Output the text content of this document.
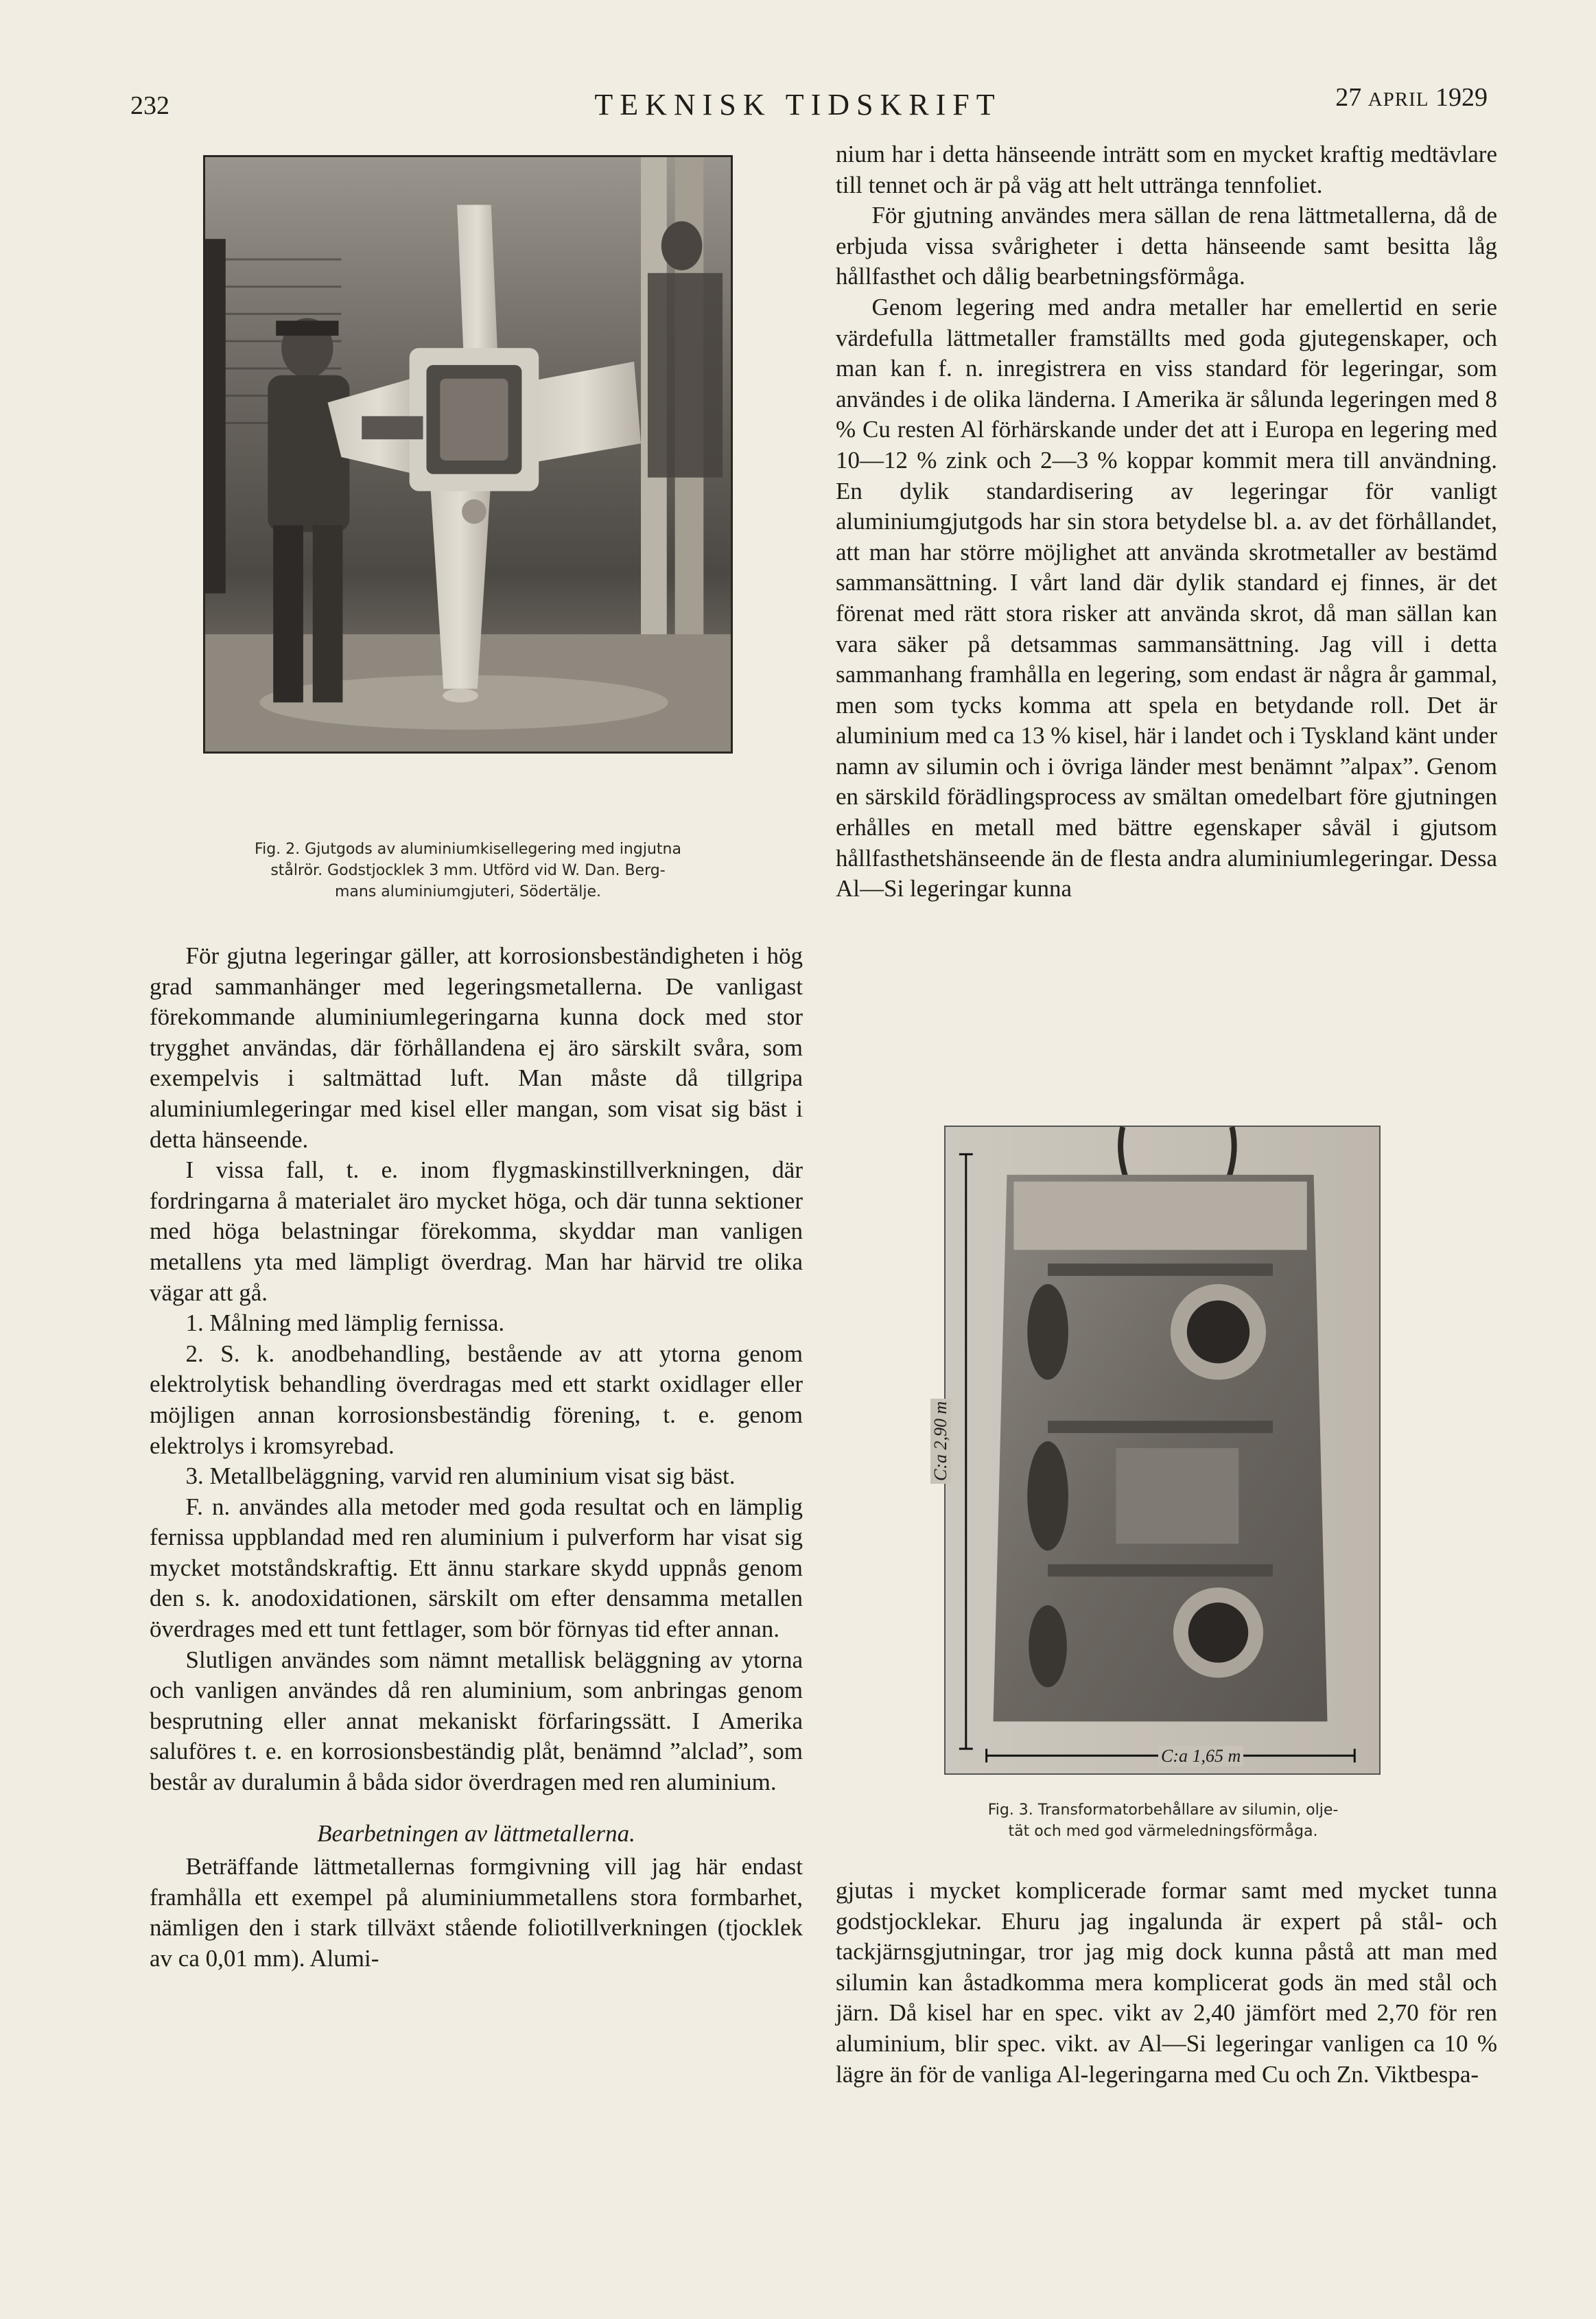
232	TEKNISK TIDSKRIFT	27 APRIL 1929
Fig. 2. Gjutgods av aluminiumkisellegering med ingjutna
stålrör. Godstjocklek 3 mm. Utförd vid W. Dan. Berg-
mans aluminiumgjuteri, Södertälje.

För gjutna legeringar gäller, att korrosionsbeständigheten i hög grad sammanhänger med legeringsmetallerna. De vanligast förekommande aluminiumlegeringarna kunna dock med stor trygghet användas, där förhållandena ej äro särskilt svåra, som exempelvis i saltmättad luft. Man måste då tillgripa aluminiumlegeringar med kisel eller mangan, som visat sig bäst i detta hänseende.

I vissa fall, t. e. inom flygmaskinstillverkningen, där fordringarna å materialet äro mycket höga, och där tunna sektioner med höga belastningar förekomma, skyddar man vanligen metallens yta med lämpligt överdrag. Man har härvid tre olika vägar att gå.

1. Målning med lämplig fernissa.

2. S. k. anodbehandling, bestående av att ytorna genom elektrolytisk behandling överdragas med ett starkt oxidlager eller möjligen annan korrosionsbeständig förening, t. e. genom elektrolys i kromsyrebad.

3. Metallbeläggning, varvid ren aluminium visat sig bäst.

F. n. användes alla metoder med goda resultat och en lämplig fernissa uppblandad med ren aluminium i pulverform har visat sig mycket motståndskraftig. Ett ännu starkare skydd uppnås genom den s. k. anodoxidationen, särskilt om efter densamma metallen överdrages med ett tunt fettlager, som bör förnyas tid efter annan.

Slutligen användes som nämnt metallisk beläggning av ytorna och vanligen användes då ren aluminium, som anbringas genom besprutning eller annat mekaniskt förfaringssätt. I Amerika saluföres t. e. en korrosionsbeständig plåt, benämnd ”alclad”, som består av duralumin å båda sidor överdragen med ren aluminium.

Bearbetningen av lättmetallerna.

Beträffande lättmetallernas formgivning vill jag här endast framhålla ett exempel på aluminiummetallens stora formbarhet, nämligen den i stark tillväxt stående foliotillverkningen (tjocklek av ca 0,01 mm). Alumi-

nium har i detta hänseende inträtt som en mycket kraftig medtävlare till tennet och är på väg att helt uttränga tennfoliet.

För gjutning användes mera sällan de rena lättmetallerna, då de erbjuda vissa svårigheter i detta hänseende samt besitta låg hållfasthet och dålig bearbetningsförmåga.

Genom legering med andra metaller har emellertid en serie värdefulla lättmetaller framställts med goda gjutegenskaper, och man kan f. n. inregistrera en viss standard för legeringar, som användes i de olika länderna. I Amerika är sålunda legeringen med 8 % Cu resten Al förhärskande under det att i Europa en legering med 10—12 % zink och 2—3 % koppar kommit mera till användning. En dylik standardisering av legeringar för vanligt aluminiumgjutgods har sin stora betydelse bl. a. av det förhållandet, att man har större möjlighet att använda skrotmetaller av bestämd sammansättning. I vårt land där dylik standard ej finnes, är det förenat med rätt stora risker att använda skrot, då man sällan kan vara säker på detsammas sammansättning. Jag vill i detta sammanhang framhålla en legering, som endast är några år gammal, men som tycks komma att spela en betydande roll. Det är aluminium med ca 13 % kisel, här i landet och i Tyskland känt under namn av silumin och i övriga länder mest benämnt ”alpax”. Genom en särskild förädlingsprocess av smältan omedelbart före gjutningen erhålles en metall med bättre egenskaper såväl i gjutsom hållfasthetshänseende än de flesta andra aluminiumlegeringar. Dessa Al—Si legeringar kunna

C:a 2,90 m
C:a 1,65 m
Fig. 3. Transformatorbehållare av silumin, olje-
tät och med god värmeledningsförmåga.

gjutas i mycket komplicerade formar samt med mycket tunna godstjocklekar. Ehuru jag ingalunda är expert på stål- och tackjärnsgjutningar, tror jag mig dock kunna påstå att man med silumin kan åstadkomma mera komplicerat gods än med stål och järn. Då kisel har en spec. vikt av 2,40 jämfört med 2,70 för ren aluminium, blir spec. vikt. av Al—Si legeringar vanligen ca 10 % lägre än för de vanliga Al-legeringarna med Cu och Zn. Viktbespa-
